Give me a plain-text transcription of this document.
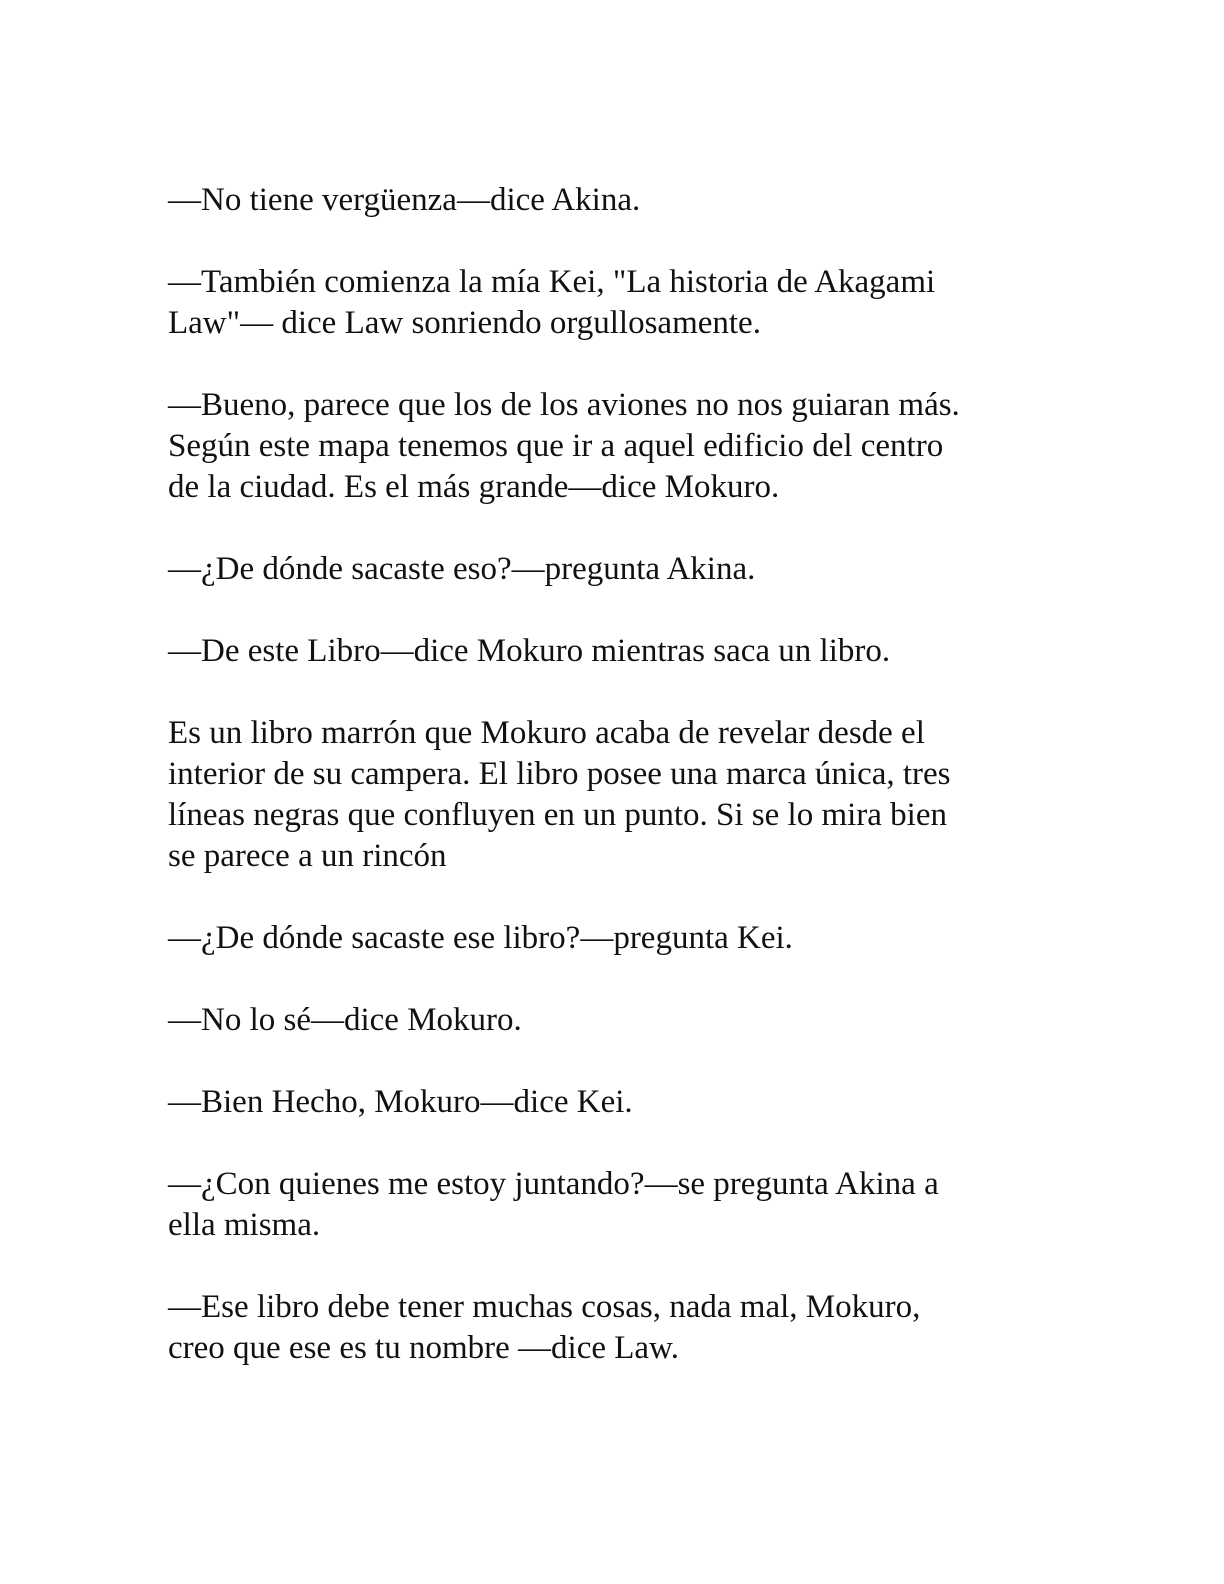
—No tiene vergüenza—dice Akina.

—También comienza la mía Kei, "La historia de Akagami
Law"— dice Law sonriendo orgullosamente.

—Bueno, parece que los de los aviones no nos guiaran más.
Según este mapa tenemos que ir a aquel edificio del centro
de la ciudad. Es el más grande—dice Mokuro.

—¿De dónde sacaste eso?—pregunta Akina.

—De este Libro—dice Mokuro mientras saca un libro.

Es un libro marrón que Mokuro acaba de revelar desde el
interior de su campera. El libro posee una marca única, tres
líneas negras que confluyen en un punto. Si se lo mira bien
se parece a un rincón

—¿De dónde sacaste ese libro?—pregunta Kei.

—No lo sé—dice Mokuro.

—Bien Hecho, Mokuro—dice Kei.

—¿Con quienes me estoy juntando?—se pregunta Akina a
ella misma.

—Ese libro debe tener muchas cosas, nada mal, Mokuro,
creo que ese es tu nombre —dice Law.
